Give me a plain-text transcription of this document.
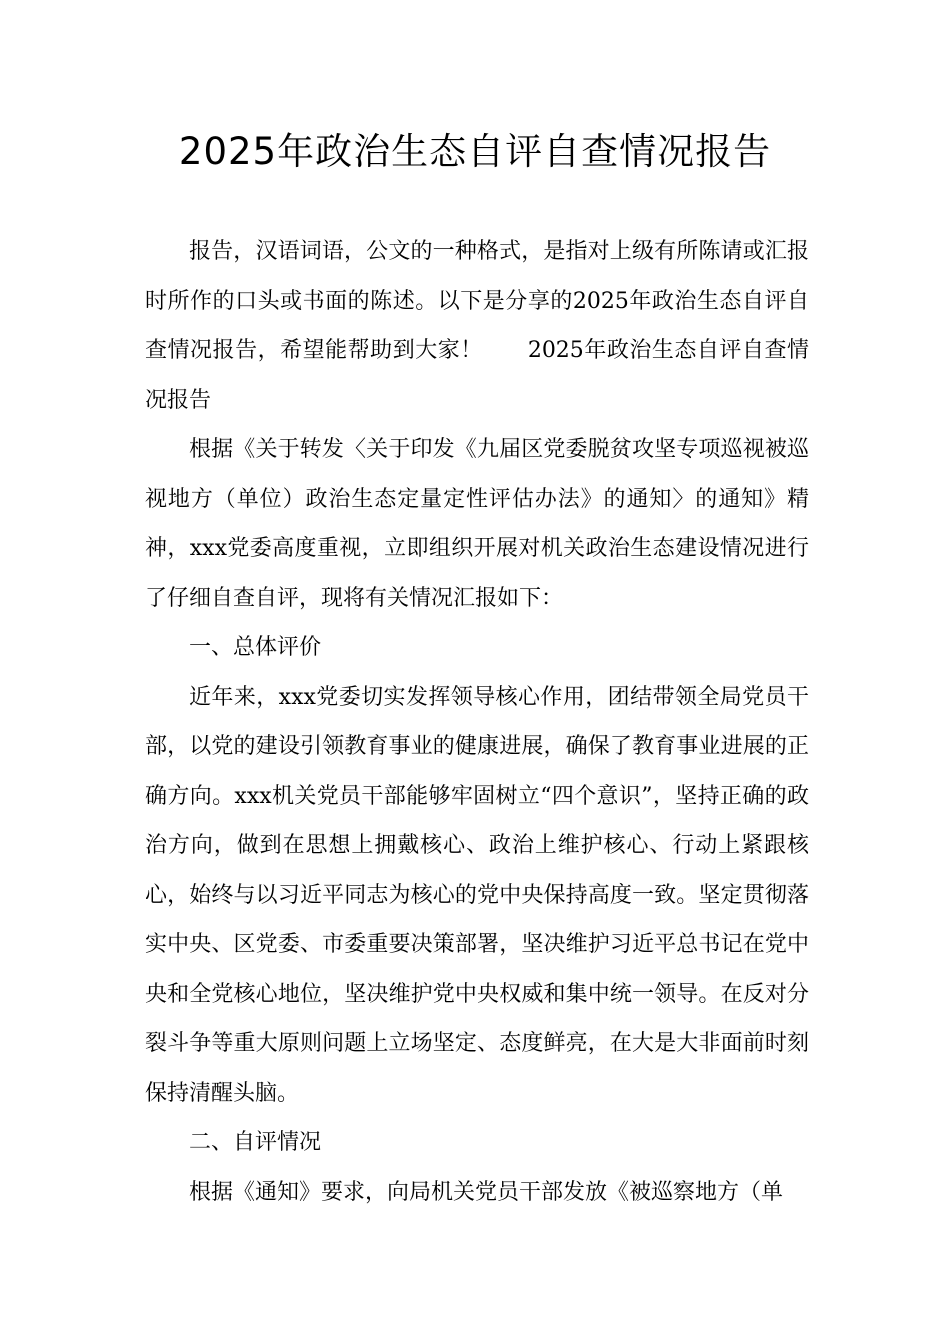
2025年政治生态自评自查情况报告

报告，汉语词语，公文的一种格式，是指对上级有所陈请或汇报时所作的口头或书面的陈述。以下是分享的2025年政治生态自评自查情况报告，希望能帮助到大家！　　2025年政治生态自评自查情况报告

根据《关于转发〈关于印发《九届区党委脱贫攻坚专项巡视被巡视地方（单位）政治生态定量定性评估办法》的通知〉的通知》精神，xxx党委高度重视，立即组织开展对机关政治生态建设情况进行了仔细自查自评，现将有关情况汇报如下：

一、总体评价

近年来，xxx党委切实发挥领导核心作用，团结带领全局党员干部，以党的建设引领教育事业的健康进展，确保了教育事业进展的正确方向。xxx机关党员干部能够牢固树立“四个意识”，坚持正确的政治方向，做到在思想上拥戴核心、政治上维护核心、行动上紧跟核心，始终与以习近平同志为核心的党中央保持高度一致。坚定贯彻落实中央、区党委、市委重要决策部署，坚决维护习近平总书记在党中央和全党核心地位，坚决维护党中央权威和集中统一领导。在反对分裂斗争等重大原则问题上立场坚定、态度鲜亮，在大是大非面前时刻保持清醒头脑。

二、自评情况

根据《通知》要求，向局机关党员干部发放《被巡察地方（单
